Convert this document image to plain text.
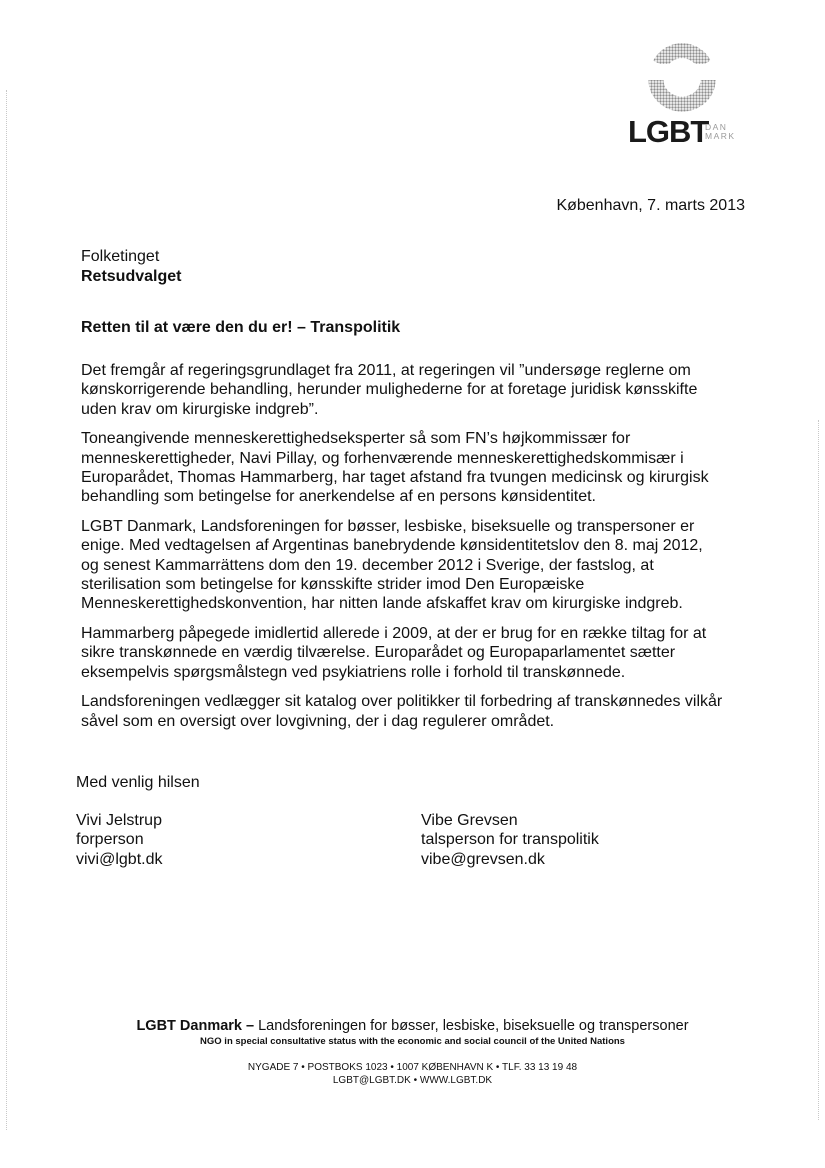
LGBT
DAN
MARK
København, 7. marts 2013
Folketinget
Retsudvalget
Retten til at være den du er! – Transpolitik

Det fremgår af regeringsgrundlaget fra 2011, at regeringen vil ”undersøge reglerne om
kønskorrigerende behandling, herunder mulighederne for at foretage juridisk kønsskifte
uden krav om kirurgiske indgreb”.

Toneangivende menneskerettighedseksperter så som FN’s højkommissær for
menneskerettigheder, Navi Pillay, og forhenværende menneskerettighedskommisær i
Europarådet, Thomas Hammarberg, har taget afstand fra tvungen medicinsk og kirurgisk
behandling som betingelse for anerkendelse af en persons kønsidentitet.

LGBT Danmark, Landsforeningen for bøsser, lesbiske, biseksuelle og transpersoner er
enige. Med vedtagelsen af Argentinas banebrydende kønsidentitetslov den 8. maj 2012,
og senest Kammarrättens dom den 19. december 2012 i Sverige, der fastslog, at
sterilisation som betingelse for kønsskifte strider imod Den Europæiske
Menneskerettighedskonvention, har nitten lande afskaffet krav om kirurgiske indgreb.

Hammarberg påpegede imidlertid allerede i 2009, at der er brug for en række tiltag for at
sikre transkønnede en værdig tilværelse. Europarådet og Europaparlamentet sætter
eksempelvis spørgsmålstegn ved psykiatriens rolle i forhold til transkønnede.

Landsforeningen vedlægger sit katalog over politikker til forbedring af transkønnedes vilkår
såvel som en oversigt over lovgivning, der i dag regulerer området.

Med venlig hilsen
Vivi Jelstrup
forperson
vivi@lgbt.dk
Vibe Grevsen
talsperson for transpolitik
vibe@grevsen.dk
LGBT Danmark – Landsforeningen for bøsser, lesbiske, biseksuelle og transpersoner
NGO in special consultative status with the economic and social council of the United Nations
NYGADE 7 • POSTBOKS 1023 • 1007 KØBENHAVN K • TLF. 33 13 19 48
LGBT@LGBT.DK • WWW.LGBT.DK
